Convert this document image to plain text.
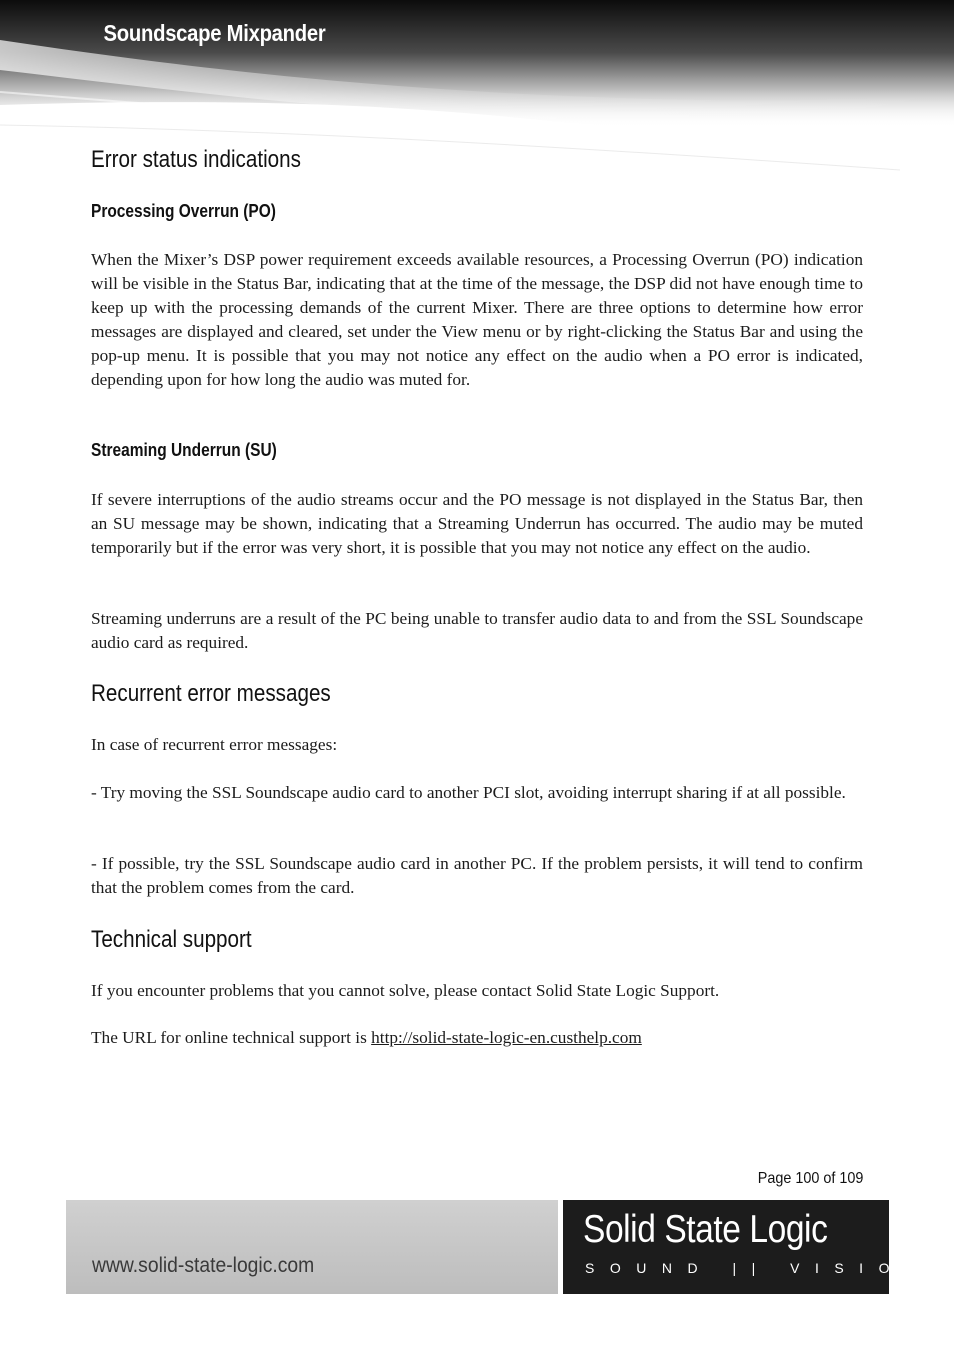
Soundscape Mixpander
Error status indications
Processing Overrun (PO)

When the Mixer’s DSP power requirement exceeds available resources, a Processing Overrun (PO) indication will be visible in the Status Bar, indicating that at the time of the message, the DSP did not have enough time to keep up with the processing demands of the current Mixer. There are three options to determine how error messages are displayed and cleared, set under the View menu or by right-clicking the Status Bar and using the pop-up menu. It is possible that you may not notice any effect on the audio when a PO error is indicated, depending upon for how long the audio was muted for.

Streaming Underrun (SU)

If severe interruptions of the audio streams occur and the PO message is not displayed in the Status Bar, then an SU message may be shown, indicating that a Streaming Underrun has occurred. The audio may be muted temporarily but if the error was very short, it is possible that you may not notice any effect on the audio.

Streaming underruns are a result of the PC being unable to transfer audio data to and from the SSL Soundscape audio card as required.

Recurrent error messages

In case of recurrent error messages:

- Try moving the SSL Soundscape audio card to another PCI slot, avoiding interrupt sharing if at all possible.

- If possible, try the SSL Soundscape audio card in another PC. If the problem persists, it will tend to confirm that the problem comes from the card.

Technical support

If you encounter problems that you cannot solve, please contact Solid State Logic Support.

The URL for online technical support is http://solid-state-logic-en.custhelp.com

Page 100 of 109
www.solid-state-logic.com
Solid State Logic
SOUND || VISION
